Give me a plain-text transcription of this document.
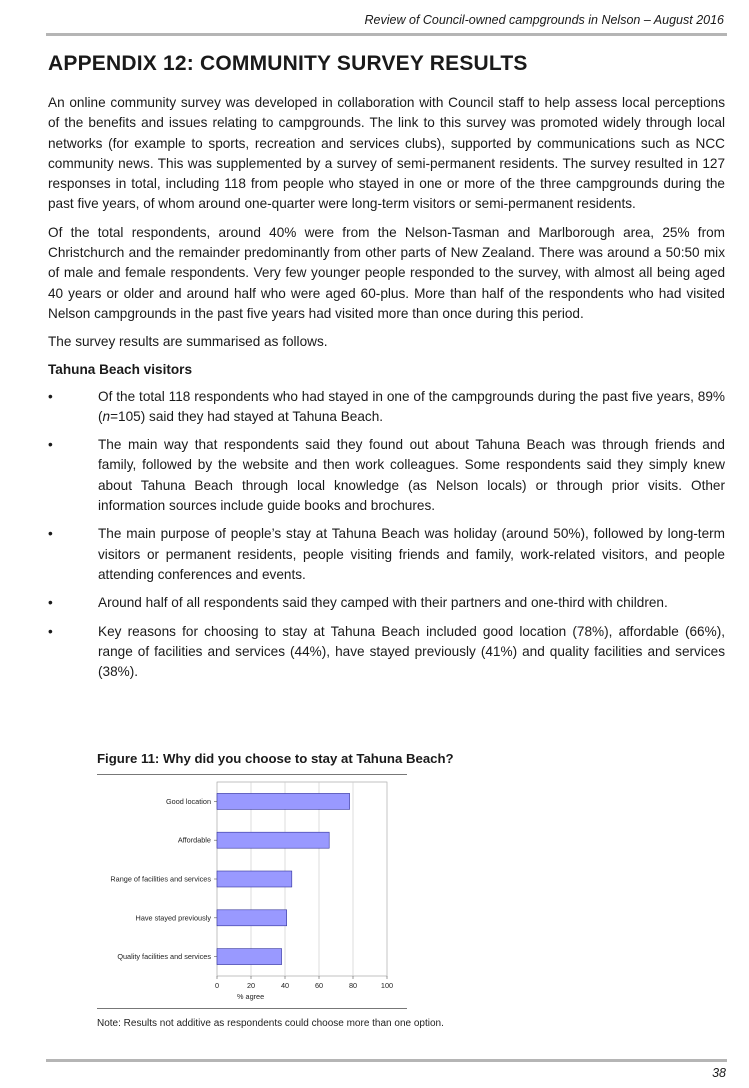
Review of Council-owned campgrounds in Nelson – August 2016
APPENDIX 12: COMMUNITY SURVEY RESULTS

An online community survey was developed in collaboration with Council staff to help assess local perceptions of the benefits and issues relating to campgrounds. The link to this survey was promoted widely through local networks (for example to sports, recreation and services clubs), supported by communications such as NCC community news. This was supplemented by a survey of semi-permanent residents. The survey resulted in 127 responses in total, including 118 from people who stayed in one or more of the three campgrounds during the past five years, of whom around one-quarter were long-term visitors or semi-permanent residents.

Of the total respondents, around 40% were from the Nelson-Tasman and Marlborough area, 25% from Christchurch and the remainder predominantly from other parts of New Zealand. There was around a 50:50 mix of male and female respondents. Very few younger people responded to the survey, with almost all being aged 40 years or older and around half who were aged 60-plus. More than half of the respondents who had visited Nelson campgrounds in the past five years had visited more than once during this period.

The survey results are summarised as follows.

Tahuna Beach visitors
•	Of the total 118 respondents who had stayed in one of the campgrounds during the past five years, 89% (n=105) said they had stayed at Tahuna Beach.
•	The main way that respondents said they found out about Tahuna Beach was through friends and family, followed by the website and then work colleagues. Some respondents said they simply knew about Tahuna Beach through local knowledge (as Nelson locals) or through prior visits. Other information sources include guide books and brochures.
•	The main purpose of people’s stay at Tahuna Beach was holiday (around 50%), followed by long-term visitors or permanent residents, people visiting friends and family, work-related visitors, and people attending conferences and events.
•	Around half of all respondents said they camped with their partners and one-third with children.
•	Key reasons for choosing to stay at Tahuna Beach included good location (78%), affordable (66%), range of facilities and services (44%), have stayed previously (41%) and quality facilities and services (38%).
Figure 11: Why did you choose to stay at Tahuna Beach?
Good location
Affordable
Range of facilities and services
Have stayed previously
Quality facilities and services
0	20	40	60	80	100
% agree
Note: Results not additive as respondents could choose more than one option.
38
